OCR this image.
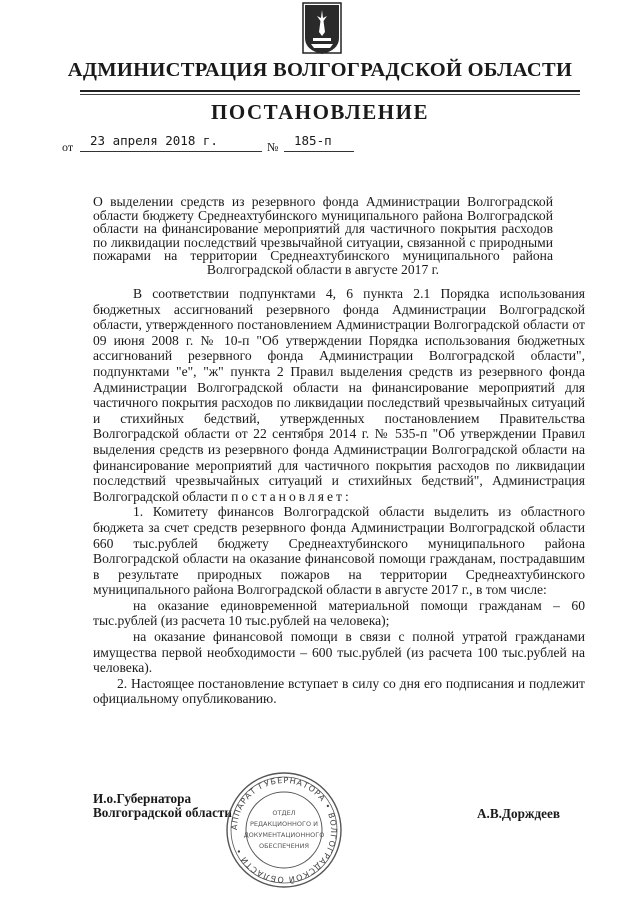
АДМИНИСТРАЦИЯ ВОЛГОГРАДСКОЙ ОБЛАСТИ
ПОСТАНОВЛЕНИЕ
от	23 апреля 2018 г.	№	185-п
О выделении средств из резервного фонда Администрации Волгоградской области бюджету Среднеахтубинского муниципального района Волгоградской области на финансирование мероприятий для частичного покрытия расходов по ликвидации последствий чрезвычайной ситуации, связанной с природными пожарами на территории Среднеахтубинского муниципального района Волгоградской области в августе 2017 г.

В соответствии подпунктами 4, 6 пункта 2.1 Порядка использования бюджетных ассигнований резервного фонда Администрации Волгоградской области, утвержденного постановлением Администрации Волгоградской области от 09 июня 2008 г. № 10-п "Об утверждении Порядка использования бюджетных ассигнований резервного фонда Администрации Волгоградской области", подпунктами "е", "ж" пункта 2 Правил выделения средств из резервного фонда Администрации Волгоградской области на финансирование мероприятий для частичного покрытия расходов по ликвидации последствий чрезвычайных ситуаций и стихийных бедствий, утвержденных постановлением Правительства Волгоградской области от 22 сентября 2014 г. № 535-п "Об утверждении Правил выделения средств из резервного фонда Администрации Волгоградской области на финансирование мероприятий для частичного покрытия расходов по ликвидации последствий чрезвычайных ситуаций и стихийных бедствий", Администрация Волгоградской области постановляет:

1. Комитету финансов Волгоградской области выделить из областного бюджета за счет средств резервного фонда Администрации Волгоградской области 660 тыс.рублей бюджету Среднеахтубинского муниципального района Волгоградской области на оказание финансовой помощи гражданам, пострадавшим в результате природных пожаров на территории Среднеахтубинского муниципального района Волгоградской области в августе 2017 г., в том числе:

на оказание единовременной материальной помощи гражданам – 60 тыс.рублей (из расчета 10 тыс.рублей на человека);

на оказание финансовой помощи в связи с полной утратой гражданами имущества первой необходимости – 600 тыс.рублей (из расчета 100 тыс.рублей на человека).

2. Настоящее постановление вступает в силу со дня его подписания и подлежит официальному опубликованию.

И.о.Губернатора
Волгоградской области	А.В.Дорждеев
АППАРАТ ГУБЕРНАТОРА • ВОЛГОГРАДСКОЙ ОБЛАСТИ •
ОТДЕЛ
РЕДАКЦИОННОГО И
ДОКУМЕНТАЦИОННОГО
ОБЕСПЕЧЕНИЯ
